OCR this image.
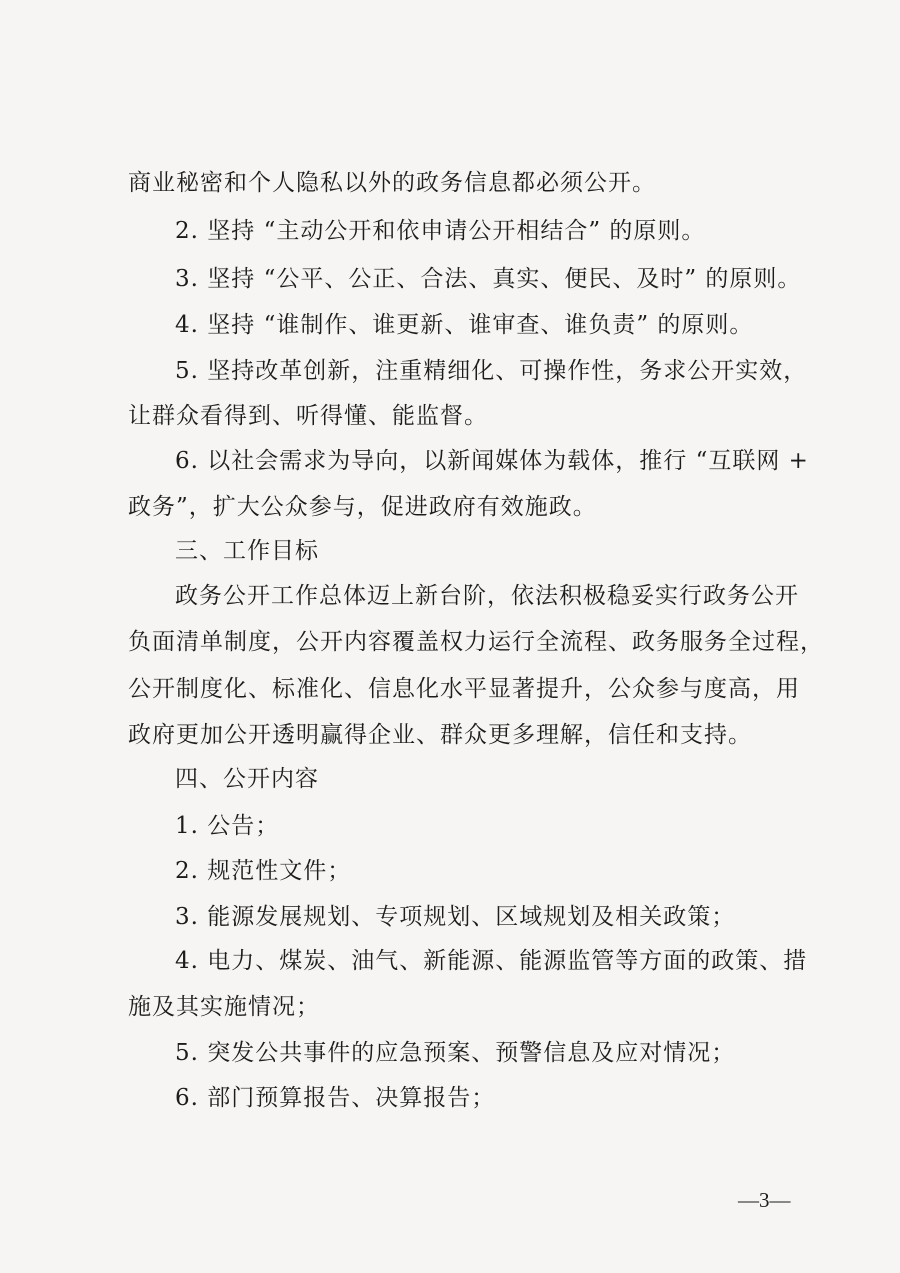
商业秘密和个人隐私以外的政务信息都必须公开。
2. 坚持 “主动公开和依申请公开相结合” 的原则。
3. 坚持 “公平、公正、合法、真实、便民、及时” 的原则。
4. 坚持 “谁制作、谁更新、谁审查、谁负责” 的原则。
5. 坚持改革创新，注重精细化、可操作性，务求公开实效，
让群众看得到、听得懂、能监督。
6. 以社会需求为导向，以新闻媒体为载体，推行 “互联网 +
政务”，扩大公众参与，促进政府有效施政。
三、工作目标
政务公开工作总体迈上新台阶，依法积极稳妥实行政务公开
负面清单制度，公开内容覆盖权力运行全流程、政务服务全过程，
公开制度化、标准化、信息化水平显著提升，公众参与度高，用
政府更加公开透明赢得企业、群众更多理解，信任和支持。
四、公开内容
1. 公告；
2. 规范性文件；
3. 能源发展规划、专项规划、区域规划及相关政策；
4. 电力、煤炭、油气、新能源、能源监管等方面的政策、措
施及其实施情况；
5. 突发公共事件的应急预案、预警信息及应对情况；
6. 部门预算报告、决算报告；
—3—
